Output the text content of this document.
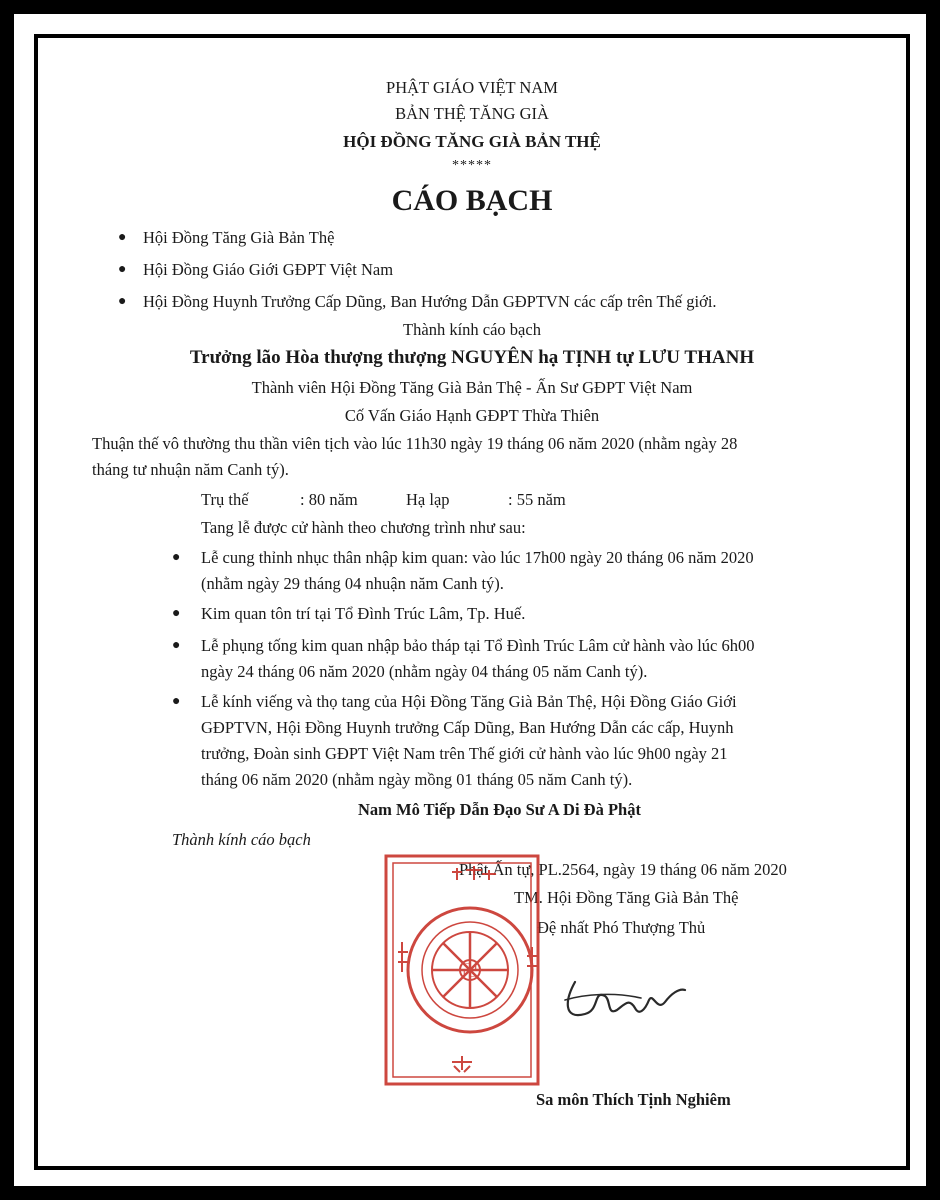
PHẬT GIÁO VIỆT NAM
BẢN THỆ TĂNG GIÀ
HỘI ĐỒNG TĂNG GIÀ BẢN THỆ
*****
CÁO BẠCH
● Hội Đồng Tăng Già Bản Thệ
● Hội Đồng Giáo Giới GĐPT Việt Nam
● Hội Đồng Huynh Trưởng Cấp Dũng, Ban Hướng Dẫn GĐPTVN các cấp trên Thế giới.
Thành kính cáo bạch
Trưởng lão Hòa thượng thượng NGUYÊN hạ TỊNH tự LƯU THANH
Thành viên Hội Đồng Tăng Già Bản Thệ - Ấn Sư GĐPT Việt Nam
Cố Vấn Giáo Hạnh GĐPT Thừa Thiên
Thuận thế vô thường thu thần viên tịch vào lúc 11h30 ngày 19 tháng 06 năm 2020 (nhằm ngày 28
tháng tư nhuận năm Canh tý).
Trụ thế	: 80 năm	Hạ lạp	: 55 năm
Tang lễ được cử hành theo chương trình như sau:
● Lễ cung thỉnh nhục thân nhập kim quan: vào lúc 17h00 ngày 20 tháng 06 năm 2020
(nhằm ngày 29 tháng 04 nhuận năm Canh tý).
● Kim quan tôn trí tại Tổ Đình Trúc Lâm, Tp. Huế.
● Lễ phụng tống kim quan nhập bảo tháp tại Tổ Đình Trúc Lâm cử hành vào lúc 6h00
ngày 24 tháng 06 năm 2020 (nhằm ngày 04 tháng 05 năm Canh tý).
● Lễ kính viếng và thọ tang của Hội Đồng Tăng Già Bản Thệ, Hội Đồng Giáo Giới
GĐPTVN, Hội Đồng Huynh trưởng Cấp Dũng, Ban Hướng Dẫn các cấp, Huynh
trưởng, Đoàn sinh GĐPT Việt Nam trên Thế giới cử hành vào lúc 9h00 ngày 21
tháng 06 năm 2020 (nhằm ngày mồng 01 tháng 05 năm Canh tý).
Nam Mô Tiếp Dẫn Đạo Sư A Di Đà Phật
Thành kính cáo bạch
Phật Ấn tự, PL.2564, ngày 19 tháng 06 năm 2020
TM. Hội Đồng Tăng Già Bản Thệ
Đệ nhất Phó Thượng Thủ
Sa môn Thích Tịnh Nghiêm
卍
